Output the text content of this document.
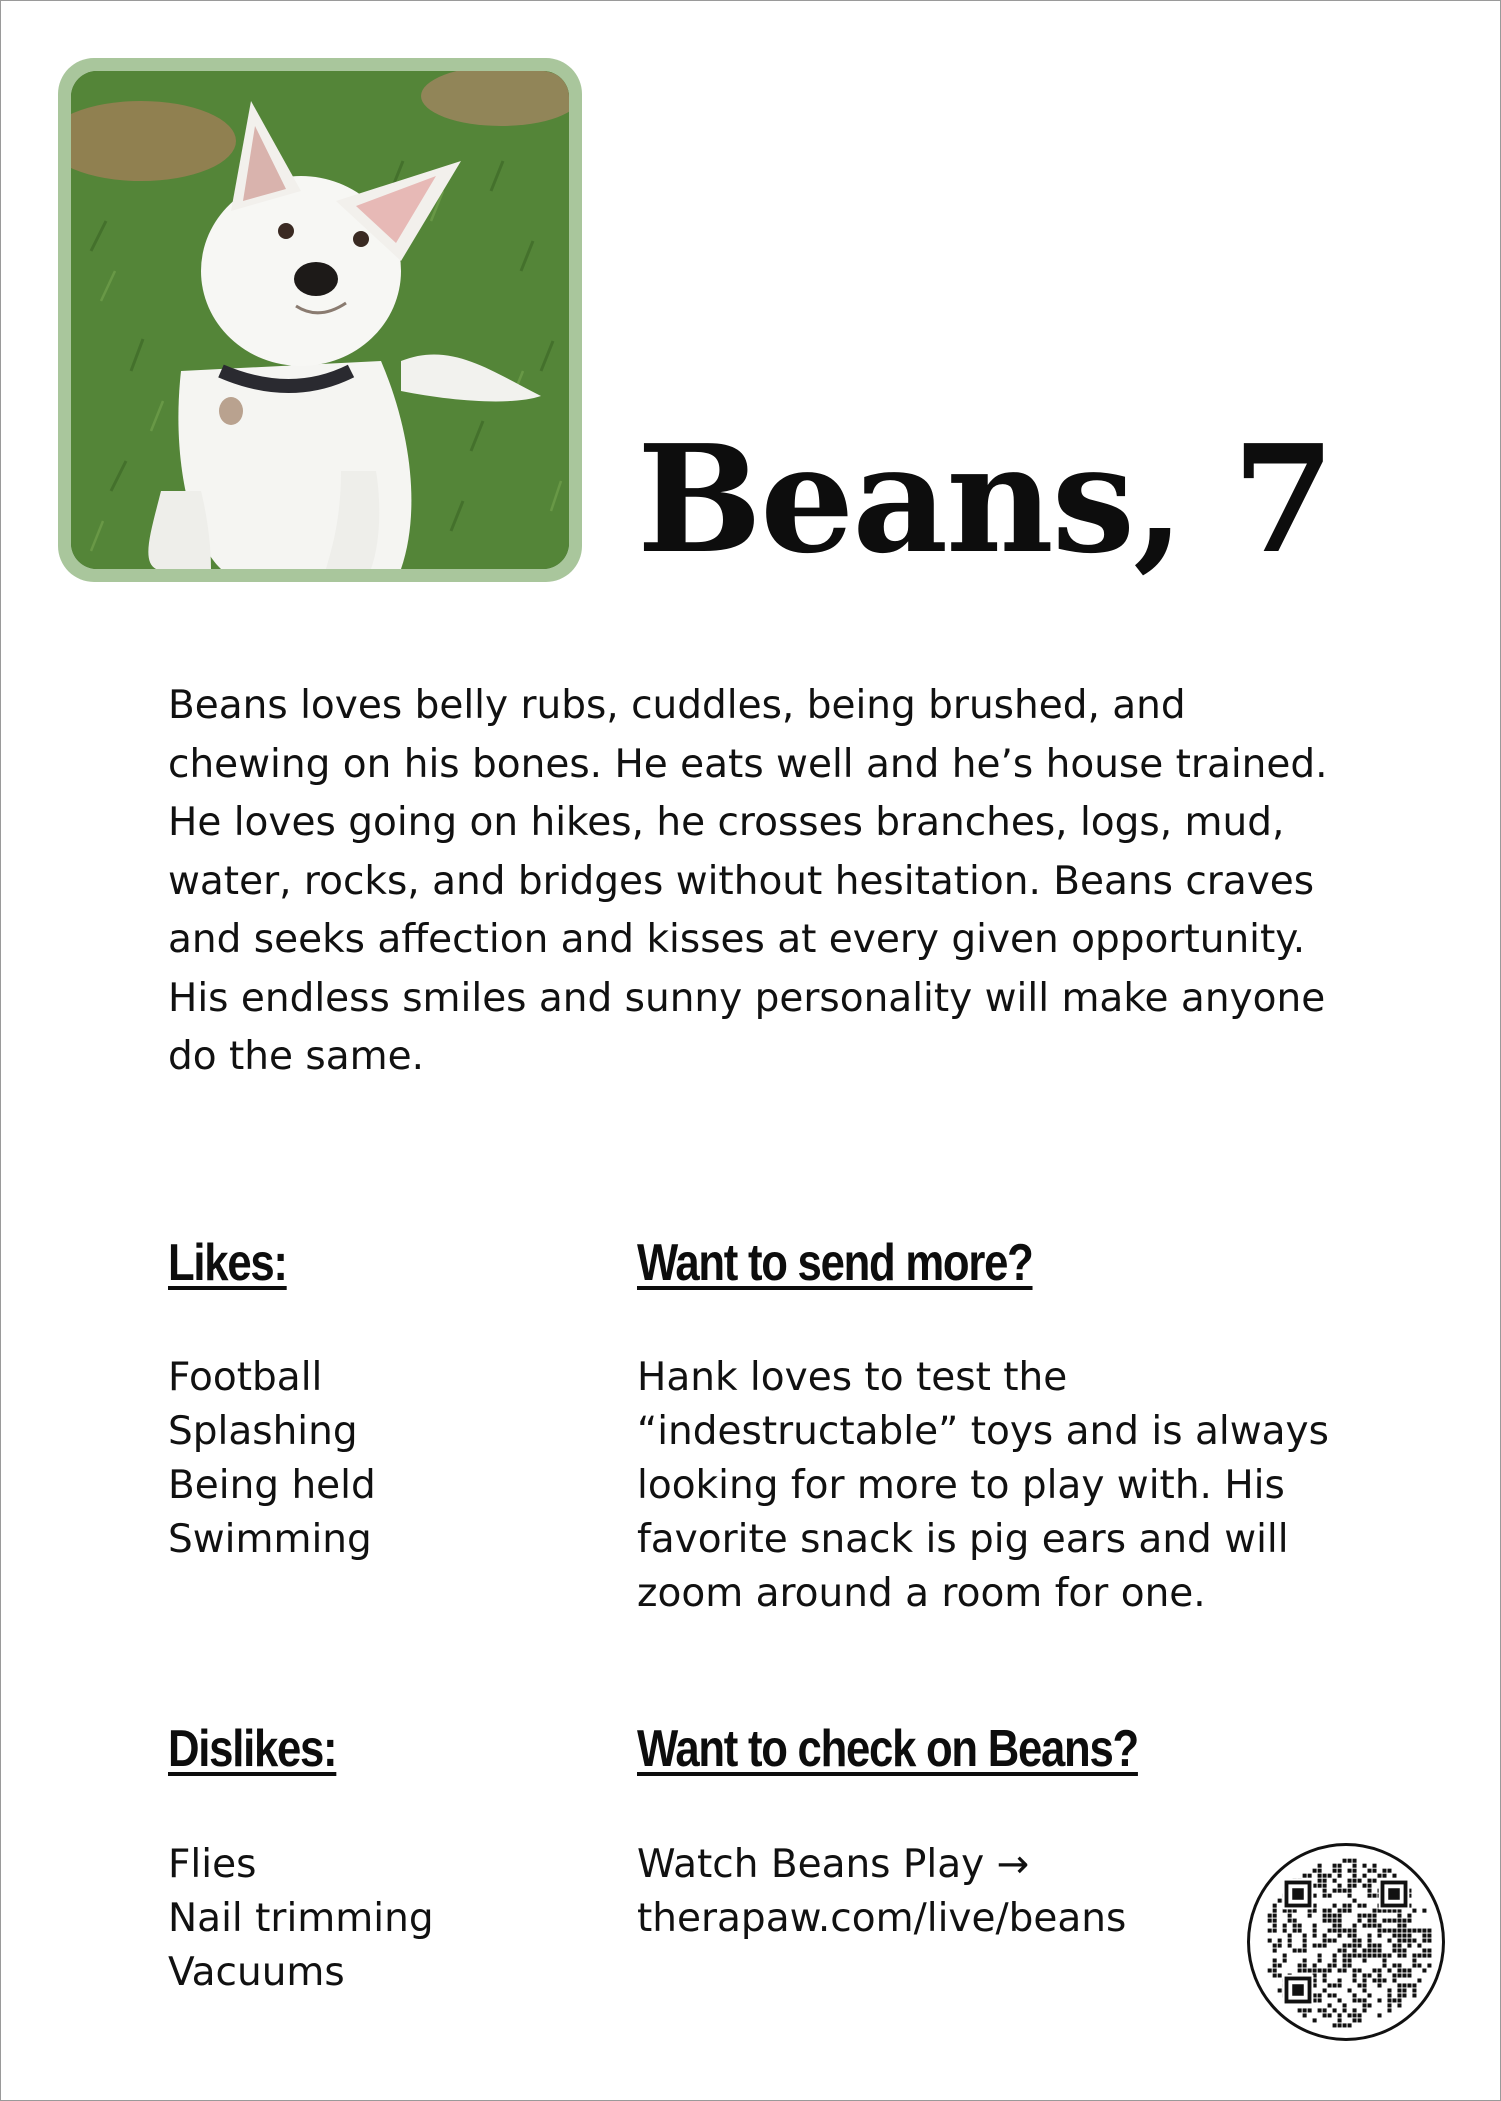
Beans, 7
Beans loves belly rubs, cuddles, being brushed, and chewing on his bones. He eats well and he’s house trained. He loves going on hikes, he crosses branches, logs, mud, water, rocks, and bridges without hesitation. Beans craves and seeks affection and kisses at every given opportunity. His endless smiles and sunny personality will make anyone do the same.
Likes:
Football
Splashing
Being held
Swimming
Want to send more?
Hank loves to test the “indestructable” toys and is always looking for more to play with. His favorite snack is pig ears and will zoom around a room for one.
Dislikes:
Flies
Nail trimming
Vacuums
Want to check on Beans?
Watch Beans Play →
therapaw.com/live/beans
